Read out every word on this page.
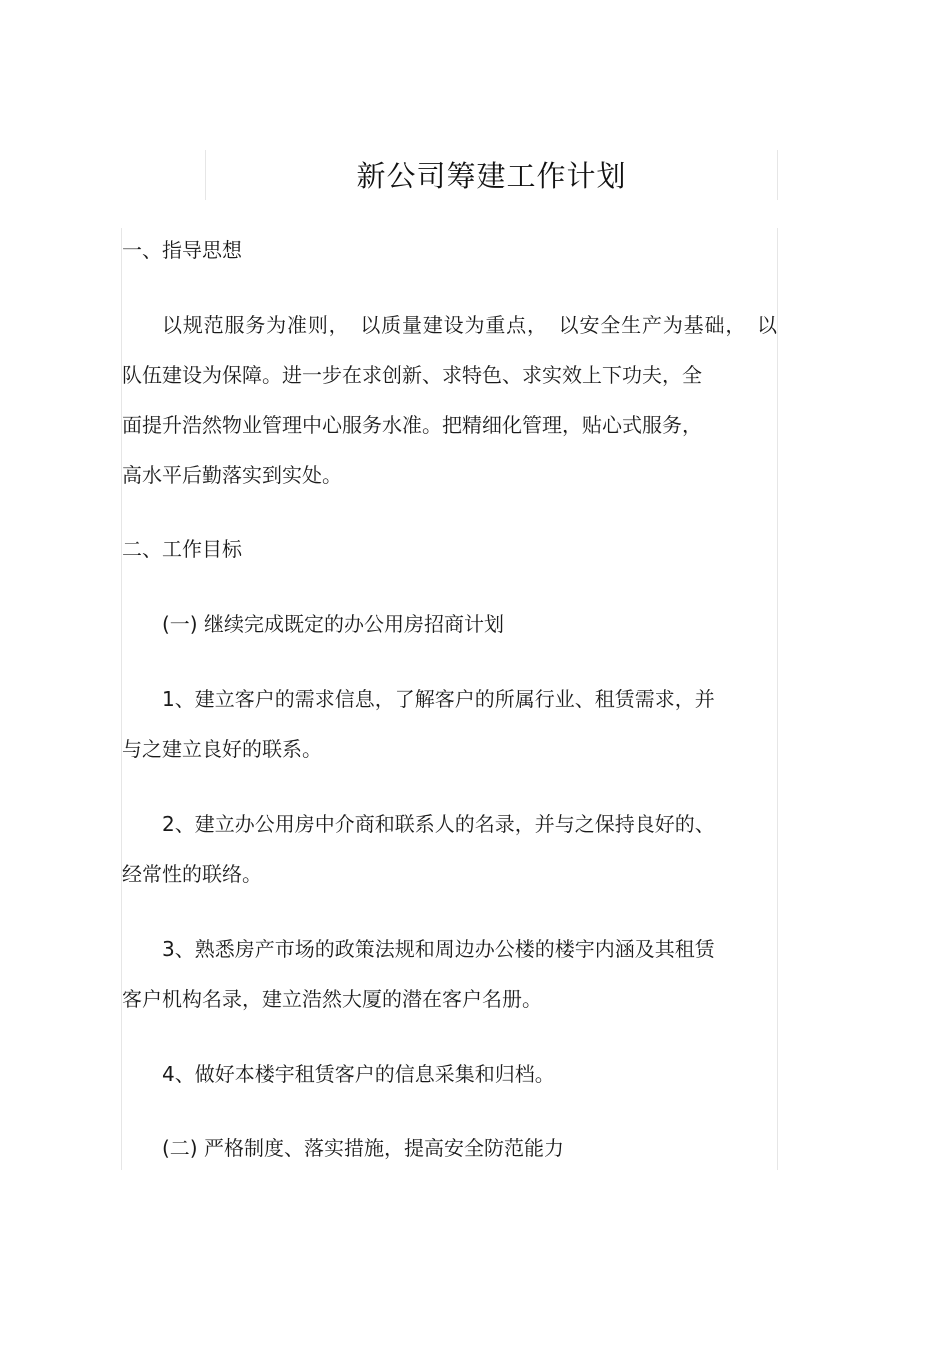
新公司筹建工作计划
一、指导思想
以规范服务为准则，　以质量建设为重点，　以安全生产为基础，　以
队伍建设为保障。进一步在求创新、求特色、求实效上下功夫，全
面提升浩然物业管理中心服务水准。把精细化管理，贴心式服务，
高水平后勤落实到实处。
二、工作目标
(一) 继续完成既定的办公用房招商计划
1、建立客户的需求信息，了解客户的所属行业、租赁需求，并
与之建立良好的联系。
2、建立办公用房中介商和联系人的名录，并与之保持良好的、
经常性的联络。
3、熟悉房产市场的政策法规和周边办公楼的楼宇内涵及其租赁
客户机构名录，建立浩然大厦的潜在客户名册。
4、做好本楼宇租赁客户的信息采集和归档。
(二) 严格制度、落实措施，提高安全防范能力
